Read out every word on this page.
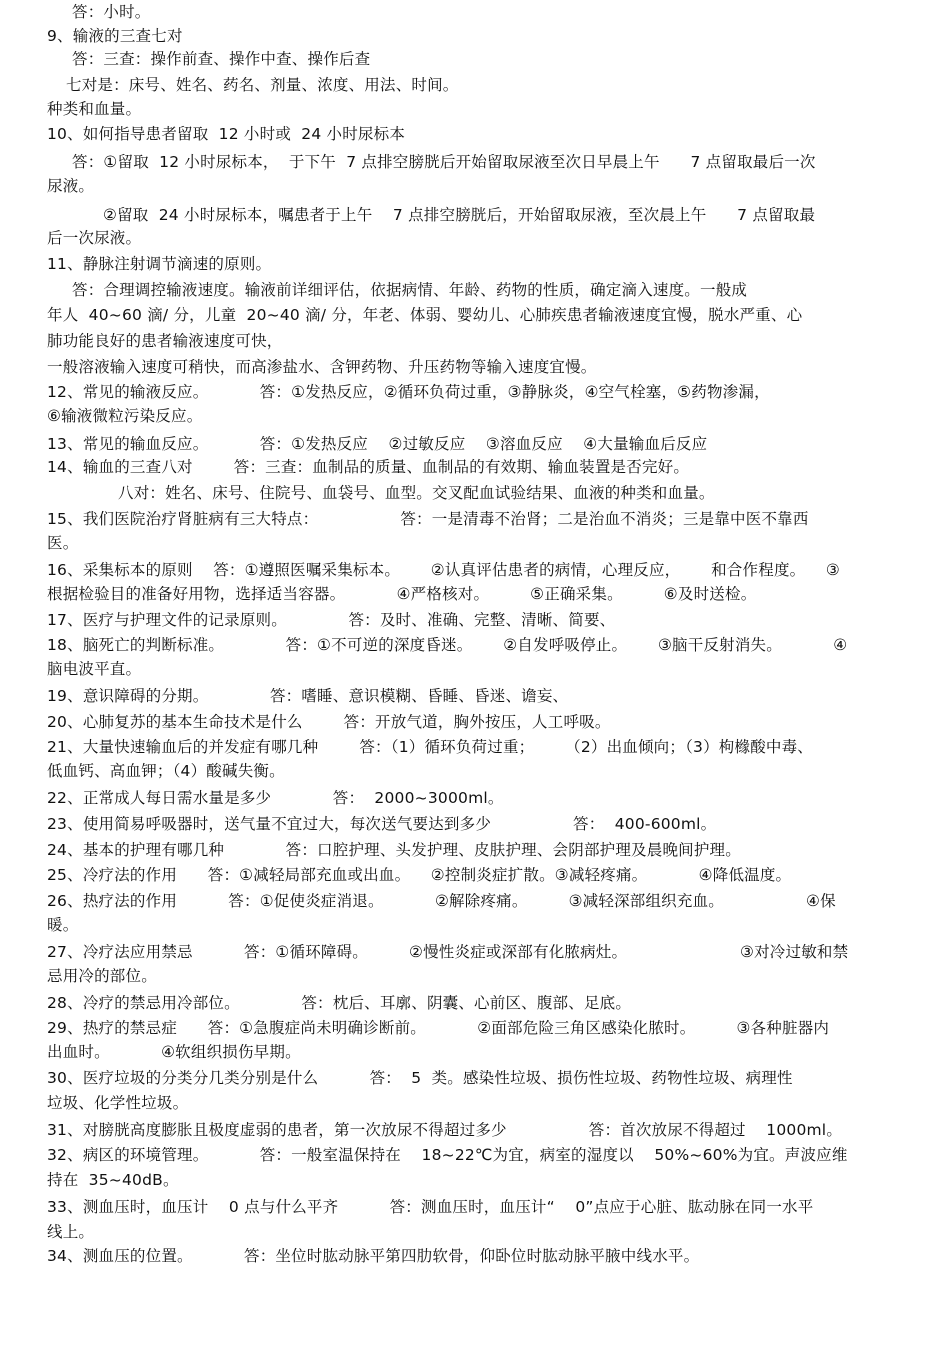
答：小时。
9、输液的三查七对
答：三查：操作前查、操作中查、操作后查
七对是：床号、姓名、药名、剂量、浓度、用法、时间。
种类和血量。
10、如何指导患者留取  12 小时或  24 小时尿标本
答：①留取  12 小时尿标本，  于下午  7 点排空膀胱后开始留取尿液至次日早晨上午      7 点留取最后一次
尿液。
②留取  24 小时尿标本，嘱患者于上午    7 点排空膀胱后，开始留取尿液，至次晨上午      7 点留取最
后一次尿液。
11、静脉注射调节滴速的原则。
答：合理调控输液速度。输液前详细评估，依据病情、年龄、药物的性质，确定滴入速度。一般成
年人  40~60 滴/ 分，儿童  20~40 滴/ 分，年老、体弱、婴幼儿、心肺疾患者输液速度宜慢，脱水严重、心
肺功能良好的患者输液速度可快，
一般溶液输入速度可稍快，而高渗盐水、含钾药物、升压药物等输入速度宜慢。
12、常见的输液反应。          答：①发热反应，②循环负荷过重，③静脉炎，④空气栓塞，⑤药物渗漏，
⑥输液微粒污染反应。
13、常见的输血反应。          答：①发热反应    ②过敏反应    ③溶血反应    ④大量输血后反应
14、输血的三查八对        答：三查：血制品的质量、血制品的有效期、输血装置是否完好。
八对：姓名、床号、住院号、血袋号、血型。交叉配血试验结果、血液的种类和血量。
15、我们医院治疗肾脏病有三大特点：                答：一是清毒不治肾；二是治血不消炎；三是靠中医不靠西
医。
16、采集标本的原则    答：①遵照医嘱采集标本。      ②认真评估患者的病情，心理反应，      和合作程度。    ③
根据检验目的准备好用物，选择适当容器。          ④严格核对。        ⑤正确采集。        ⑥及时送检。
17、医疗与护理文件的记录原则。            答：及时、准确、完整、清晰、简要、
18、脑死亡的判断标准。            答：①不可逆的深度昏迷。      ②自发呼吸停止。      ③脑干反射消失。          ④
脑电波平直。
19、意识障碍的分期。            答：嗜睡、意识模糊、昏睡、昏迷、谵妄、
20、心肺复苏的基本生命技术是什么        答：开放气道，胸外按压，人工呼吸。
21、大量快速输血后的并发症有哪几种        答：（1）循环负荷过重；      （2）出血倾向；（3）枸橼酸中毒、
低血钙、高血钾；（4）酸碱失衡。
22、正常成人每日需水量是多少            答：  2000~3000ml。
23、使用简易呼吸器时，送气量不宜过大，每次送气要达到多少                答：  400-600ml。
24、基本的护理有哪几种            答：口腔护理、头发护理、皮肤护理、会阴部护理及晨晚间护理。
25、冷疗法的作用      答：①减轻局部充血或出血。    ②控制炎症扩散。③减轻疼痛。          ④降低温度。
26、热疗法的作用          答：①促使炎症消退。          ②解除疼痛。        ③减轻深部组织充血。                ④保
暖。
27、冷疗法应用禁忌          答：①循环障碍。        ②慢性炎症或深部有化脓病灶。                      ③对冷过敏和禁
忌用冷的部位。
28、冷疗的禁忌用冷部位。            答：枕后、耳廓、阴囊、心前区、腹部、足底。
29、热疗的禁忌症      答：①急腹症尚未明确诊断前。          ②面部危险三角区感染化脓时。        ③各种脏器内
出血时。          ④软组织损伤早期。
30、医疗垃圾的分类分几类分别是什么          答：  5  类。感染性垃圾、损伤性垃圾、药物性垃圾、病理性
垃圾、化学性垃圾。
31、对膀胱高度膨胀且极度虚弱的患者，第一次放尿不得超过多少                答：首次放尿不得超过    1000ml。
32、病区的环境管理。          答：一般室温保持在    18~22℃为宜，病室的湿度以    50%~60%为宜。声波应维
持在  35~40dB。
33、测血压时，血压计    0 点与什么平齐          答：测血压时，血压计“    0”点应于心脏、肱动脉在同一水平
线上。
34、测血压的位置。          答：坐位时肱动脉平第四肋软骨，仰卧位时肱动脉平腋中线水平。
